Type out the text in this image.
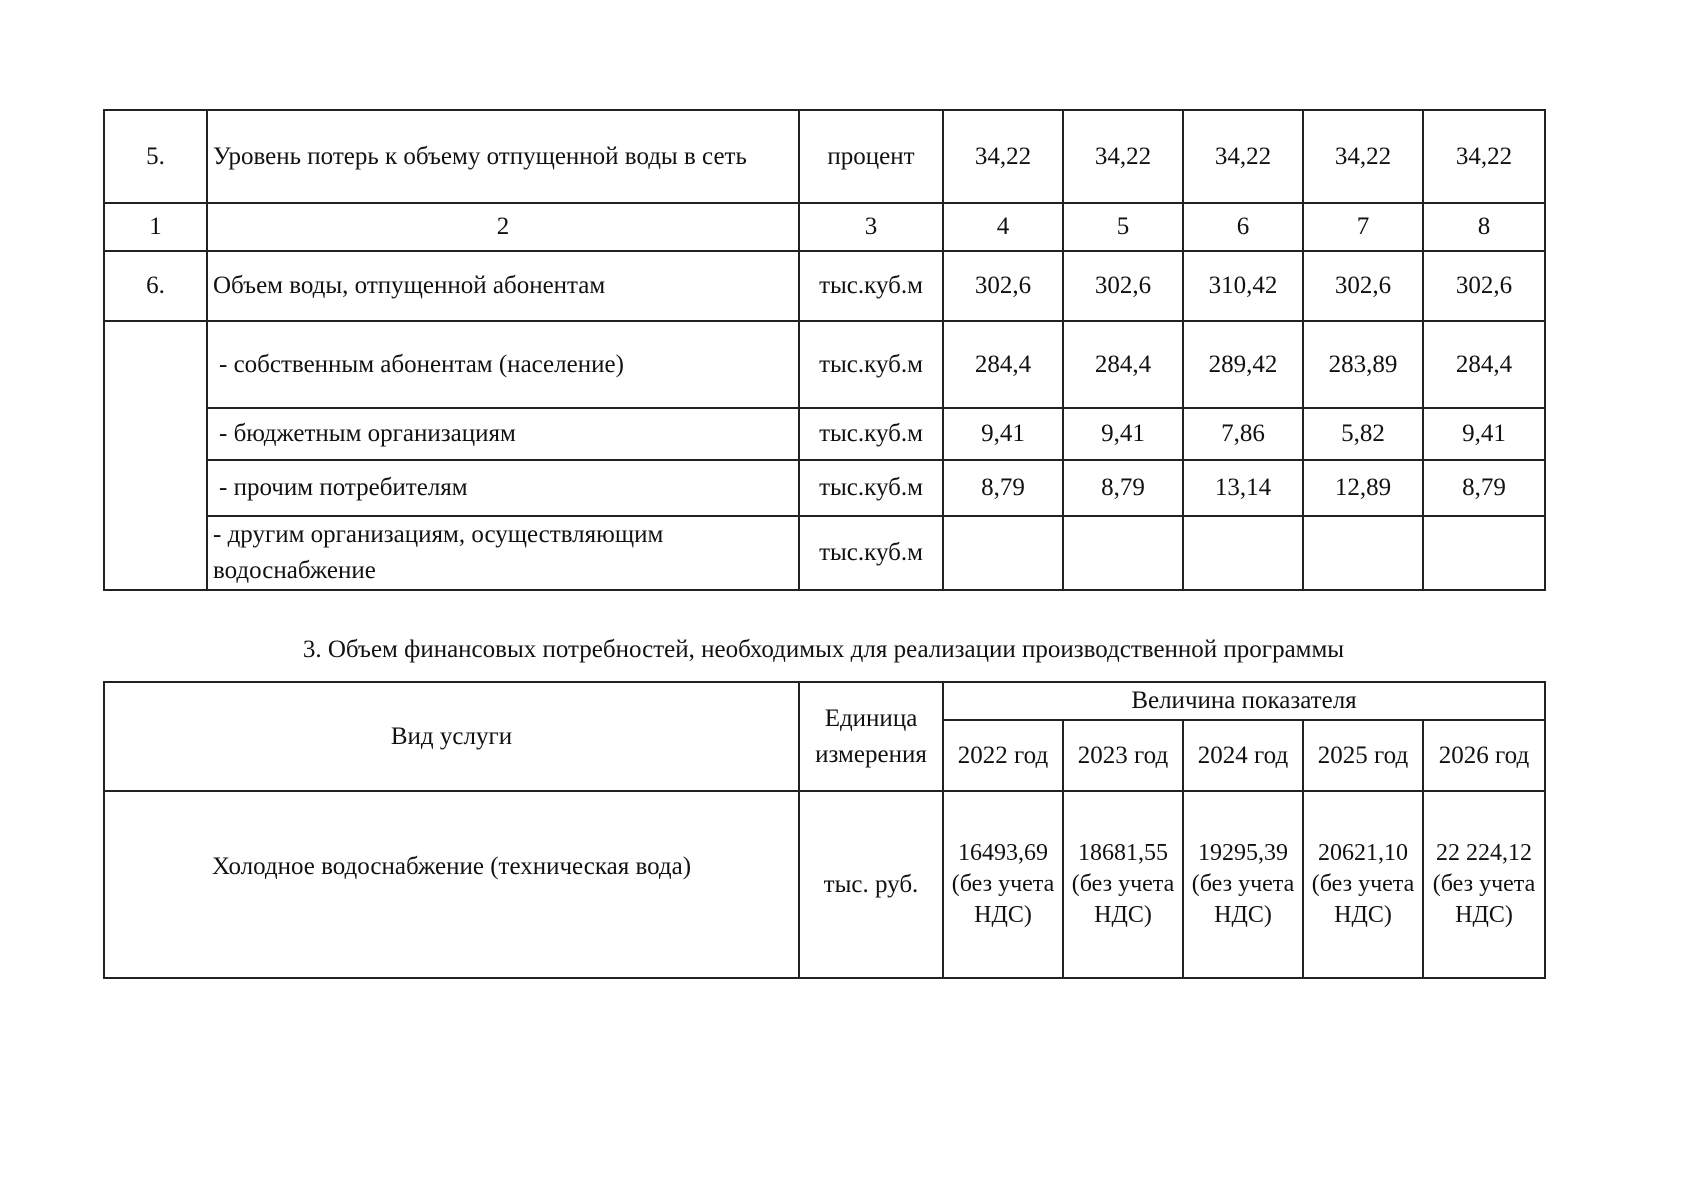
5.	Уровень потерь к объему отпущенной воды в сеть	процент	34,22	34,22	34,22	34,22	34,22
1	2	3	4	5	6	7	8
6.	Объем воды, отпущенной абонентам	тыс.куб.м	302,6	302,6	310,42	302,6	302,6
	- собственным абонентам (население)	тыс.куб.м	284,4	284,4	289,42	283,89	284,4
	- бюджетным организациям	тыс.куб.м	9,41	9,41	7,86	5,82	9,41
	- прочим потребителям	тыс.куб.м	8,79	8,79	13,14	12,89	8,79
	- другим организациям, осуществляющим водоснабжение	тыс.куб.м					
3. Объем финансовых потребностей, необходимых для реализации производственной программы
Вид услуги	Единица измерения	Величина показателя				
		2022 год	2023 год	2024 год	2025 год	2026 год
Холодное водоснабжение (техническая вода)	тыс. руб.	16493,69 (без учета НДС)	18681,55 (без учета НДС)	19295,39 (без учета НДС)	20621,10 (без учета НДС)	22 224,12 (без учета НДС)
